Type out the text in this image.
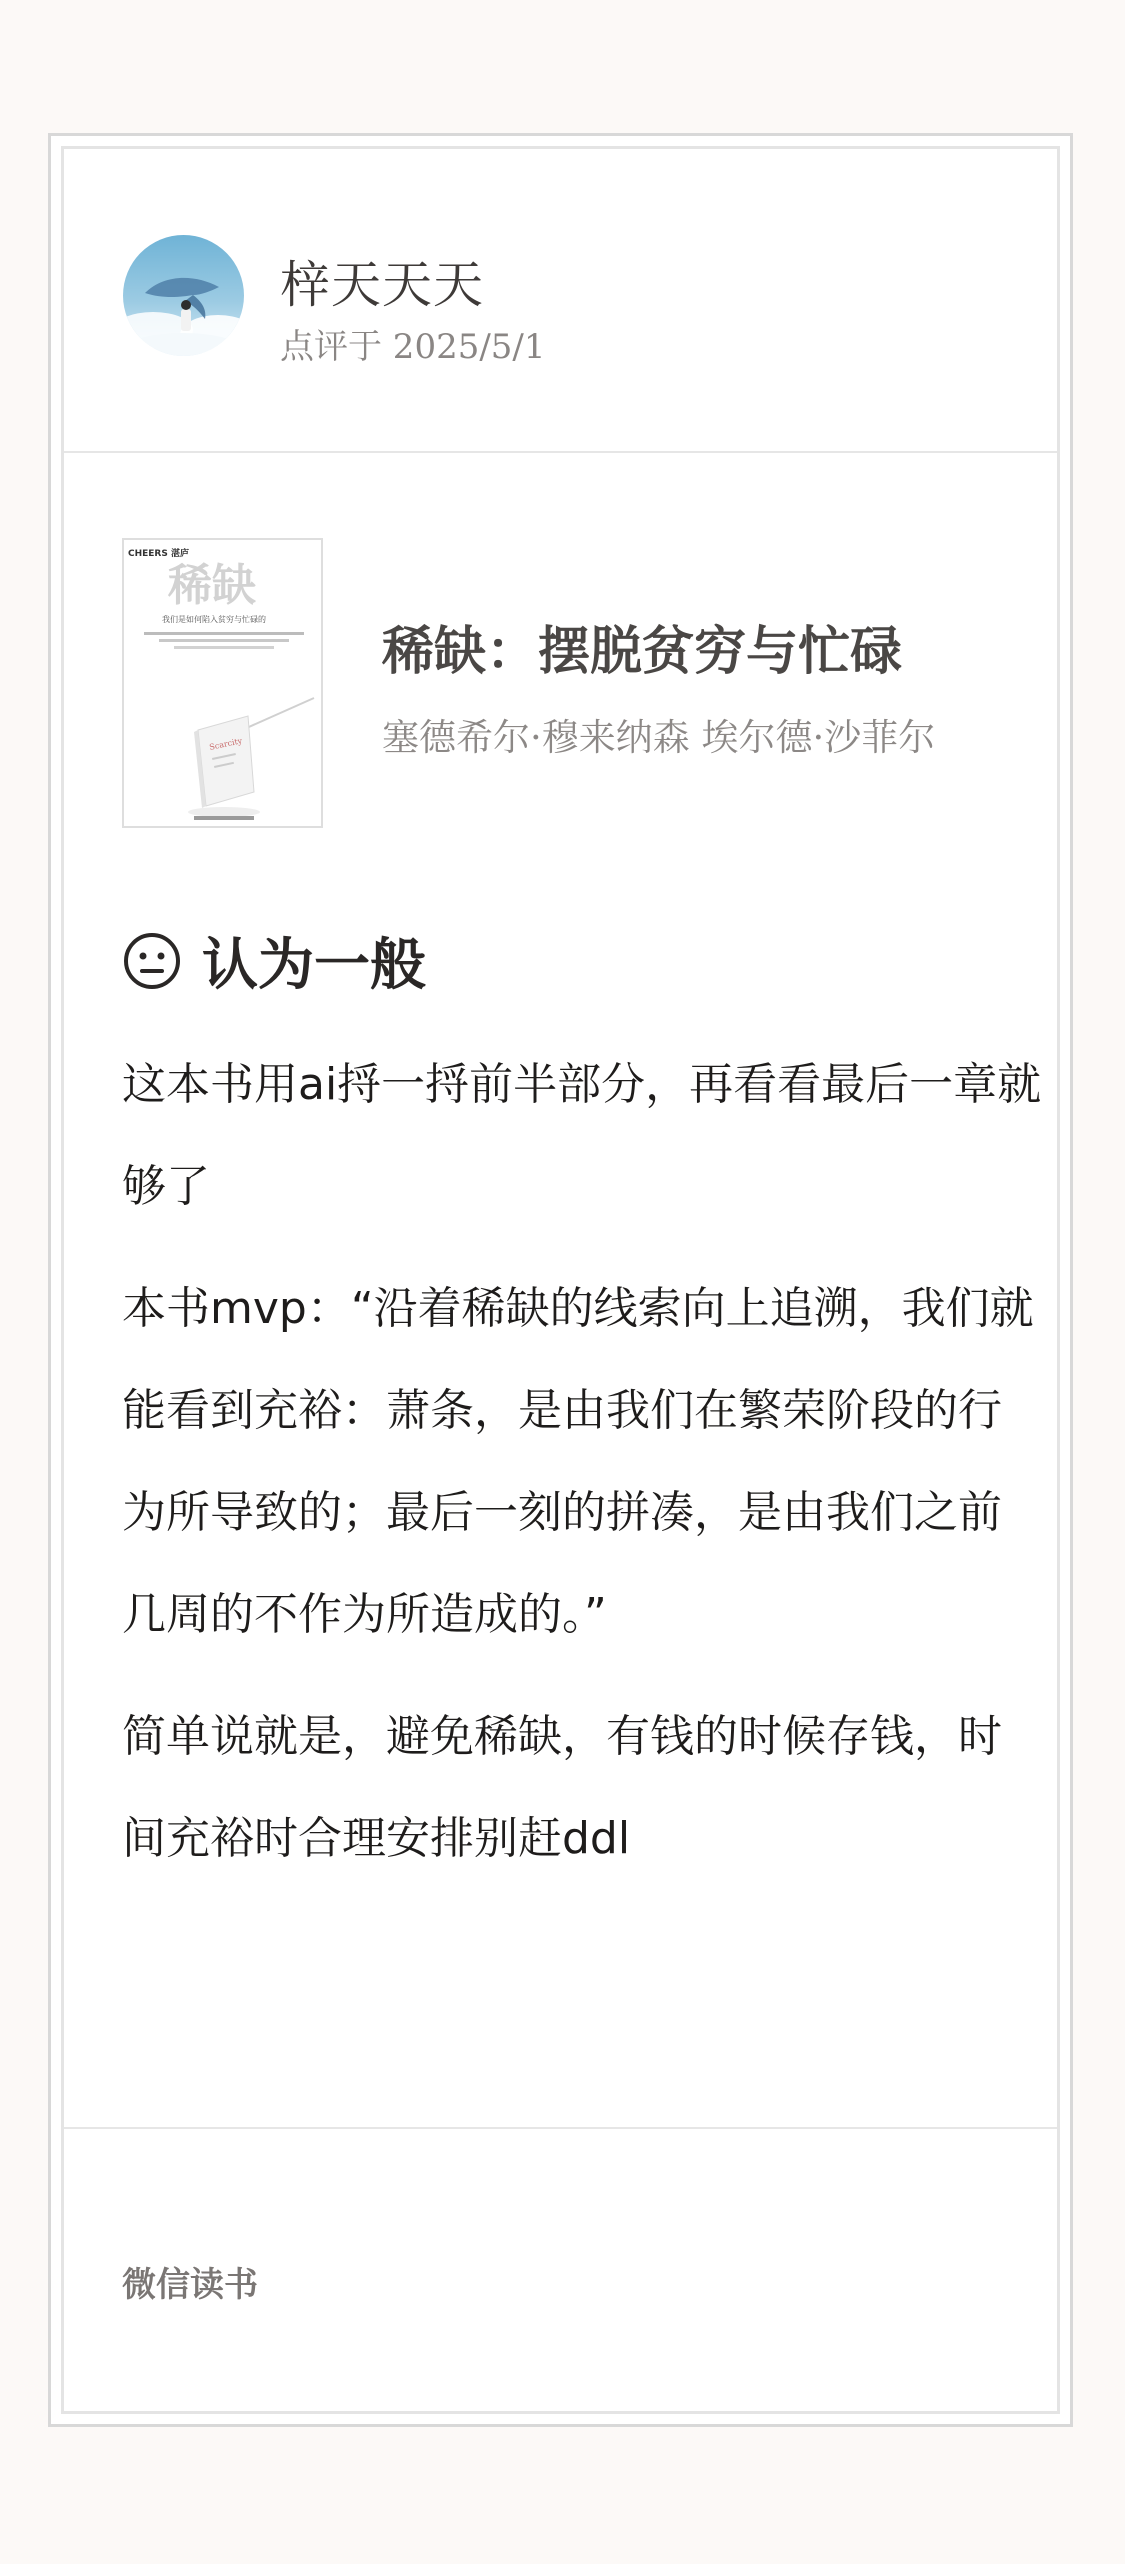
梓天天天
点评于 2025/5/1
CHEERS 湛庐
稀缺
我们是如何陷入贫穷与忙碌的
Scarcity
稀缺：摆脱贫穷与忙碌
塞德希尔·穆来纳森 埃尔德·沙菲尔
认为一般

这本书用ai捋一捋前半部分，再看看最后一章就够了

本书mvp：“沿着稀缺的线索向上追溯，我们就能看到充裕：萧条，是由我们在繁荣阶段的行为所导致的；最后一刻的拼凑，是由我们之前几周的不作为所造成的。”

简单说就是，避免稀缺，有钱的时候存钱，时间充裕时合理安排别赶ddl

微信读书
